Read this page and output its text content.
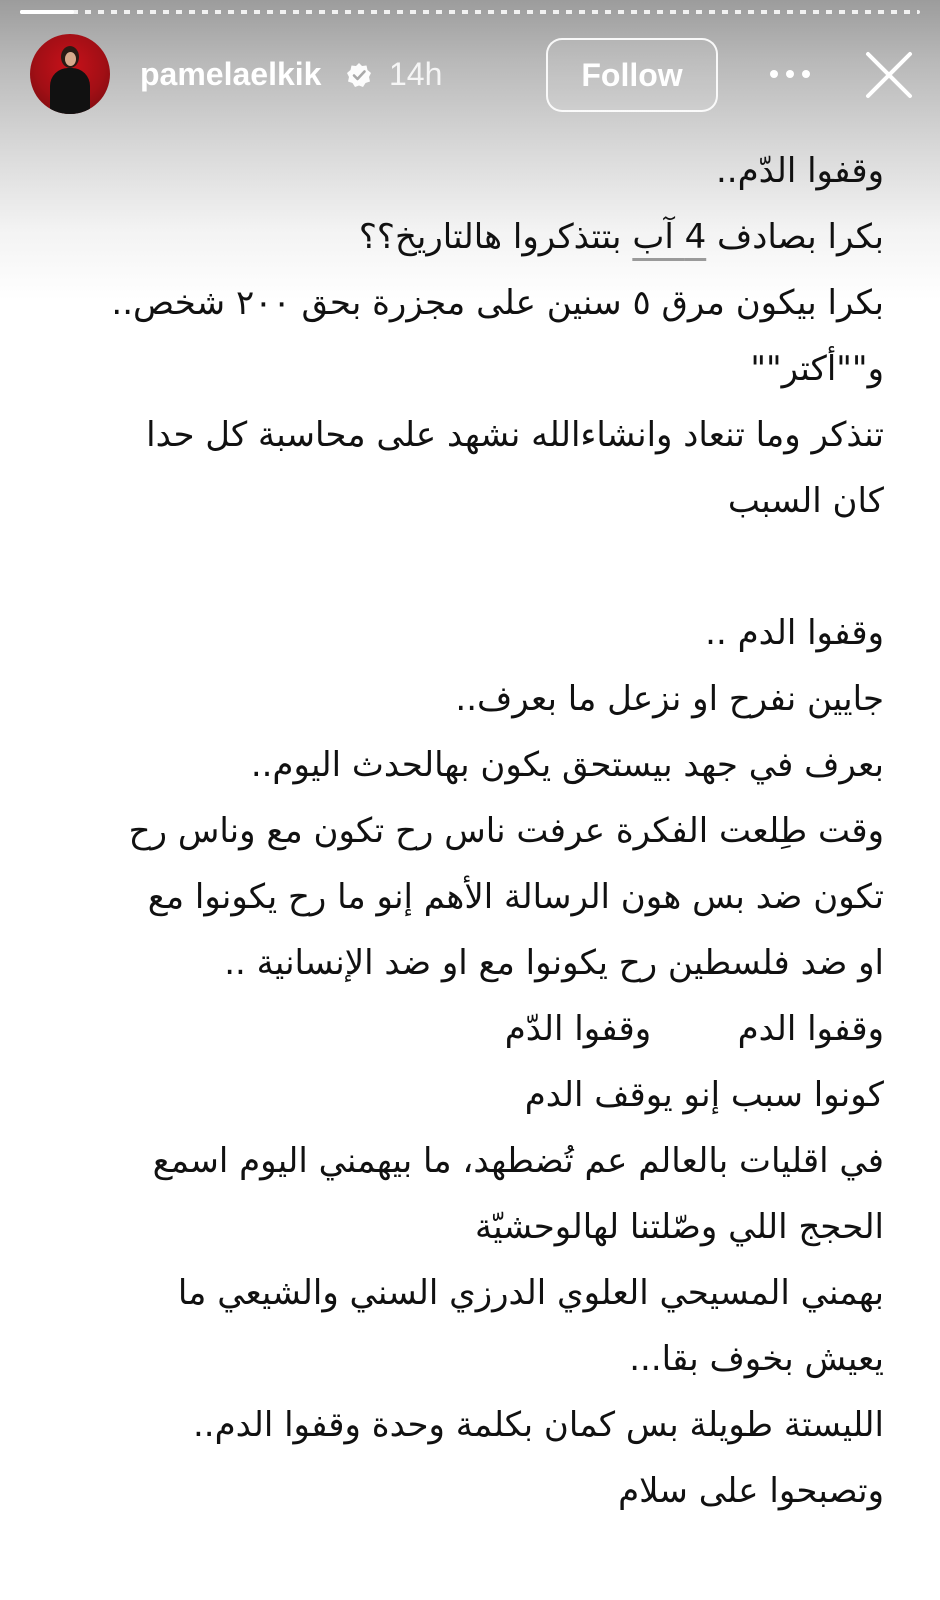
pamelaelkik 14h	Follow
وقفوا الدّم..
بكرا بصادف 4 آب بتتذكروا هالتاريخ؟؟
بكرا بيكون مرق ٥ سنين على مجزرة بحق ٢٠٠ شخص..
و""أكتر""
تنذكر وما تنعاد وانشاءالله نشهد على محاسبة كل حدا
كان السبب
وقفوا الدم ..
جايين نفرح او نزعل ما بعرف..
بعرف في جهد بيستحق يكون بهالحدث اليوم..
وقت طِلعت الفكرة عرفت ناس رح تكون مع وناس رح
تكون ضد بس هون الرسالة الأهم إنو ما رح يكونوا مع
او ضد فلسطين رح يكونوا مع او ضد الإنسانية ..
وقفوا الدم        وقفوا الدّم
كونوا سبب إنو يوقف الدم
في اقليات بالعالم عم تُضطهد، ما بيهمني اليوم اسمع
الحجج اللي وصّلتنا لهالوحشيّة
بهمني المسيحي العلوي الدرزي السني والشيعي ما
يعيش بخوف بقا...
الليستة طويلة بس كمان بكلمة وحدة وقفوا الدم..
وتصبحوا على سلام
